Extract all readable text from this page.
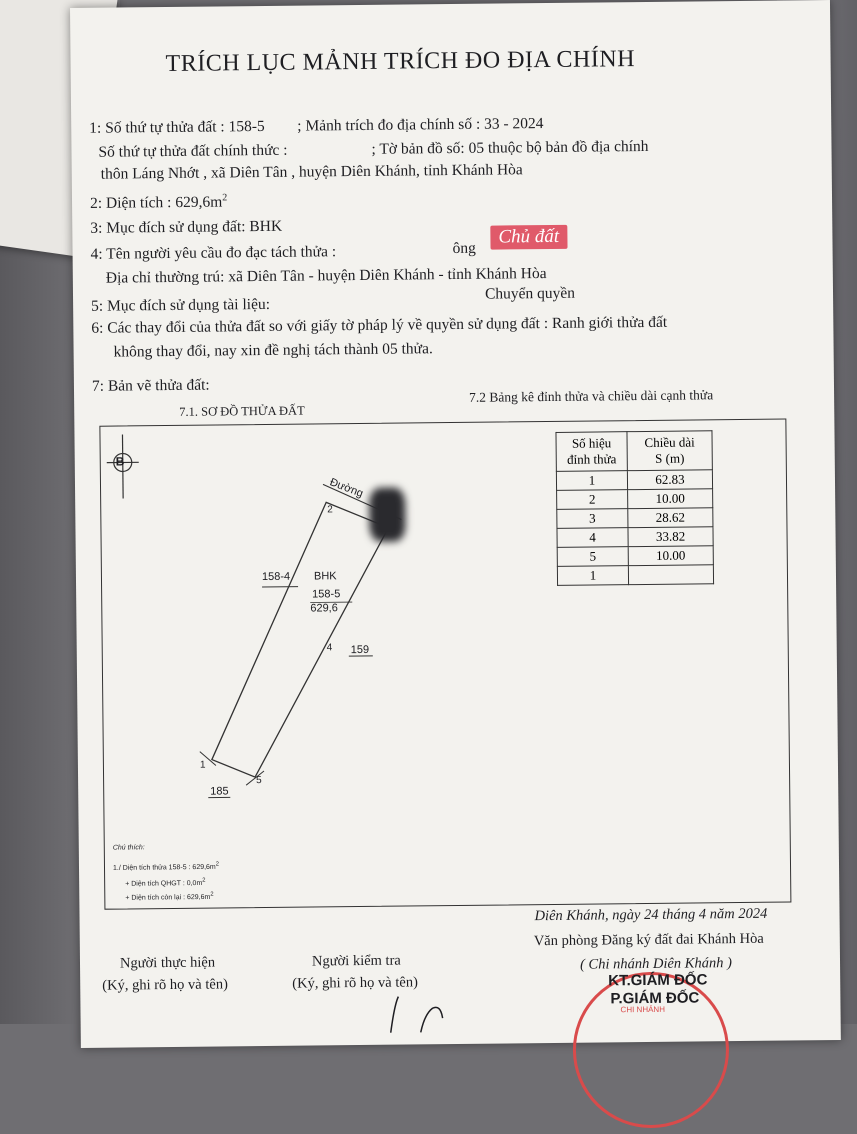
TRÍCH LỤC MẢNH TRÍCH ĐO ĐỊA CHÍNH
1: Số thứ tự thửa đất : 158-5 ; Mảnh trích đo địa chính số : 33 - 2024
Số thứ tự thửa đất chính thức :	; Tờ bản đồ số: 05 thuộc bộ bản đồ địa chính
thôn Láng Nhớt , xã Diên Tân , huyện Diên Khánh, tỉnh Khánh Hòa
2: Diện tích : $629,6m^2$
3: Mục đích sử dụng đất: BHK
4: Tên người yêu cầu đo đạc tách thửa :	ông
Chủ đất
Địa chỉ thường trú: xã Diên Tân - huyện Diên Khánh - tỉnh Khánh Hòa
5: Mục đích sử dụng tài liệu:
Chuyển quyền
6: Các thay đổi của thửa đất so với giấy tờ pháp lý về quyền sử dụng đất : Ranh giới thửa đất
không thay đổi, nay xin đề nghị tách thành 05 thửa.
7: Bản vẽ thửa đất:
7.1. SƠ ĐỒ THỬA ĐẤT
7.2 Bảng kê đỉnh thửa và chiều dài cạnh thửa
B
Đường
2
158-4 BHK
158-5
629,6
4 159
1
5
185
Chú thích:
1./ Diện tích thửa 158-5 : $629,6m^2$
+ Diện tích QHGT : $0,0m^2$
+ Diện tích còn lại : $629,6m^2$
Số hiệu
đỉnh thửa	Chiều dài
S (m)
1	62.83
2	10.00
3	28.62
4	33.82
5	10.00
1	
Diên Khánh, ngày 24 tháng 4 năm 2024
Văn phòng Đăng ký đất đai Khánh Hòa
( Chi nhánh Diên Khánh )
Người thực hiện
(Ký, ghi rõ họ và tên)
Người kiểm tra
(Ký, ghi rõ họ và tên)
CHI NHÁNH
KT.GIÁM ĐỐC
P.GIÁM ĐỐC
